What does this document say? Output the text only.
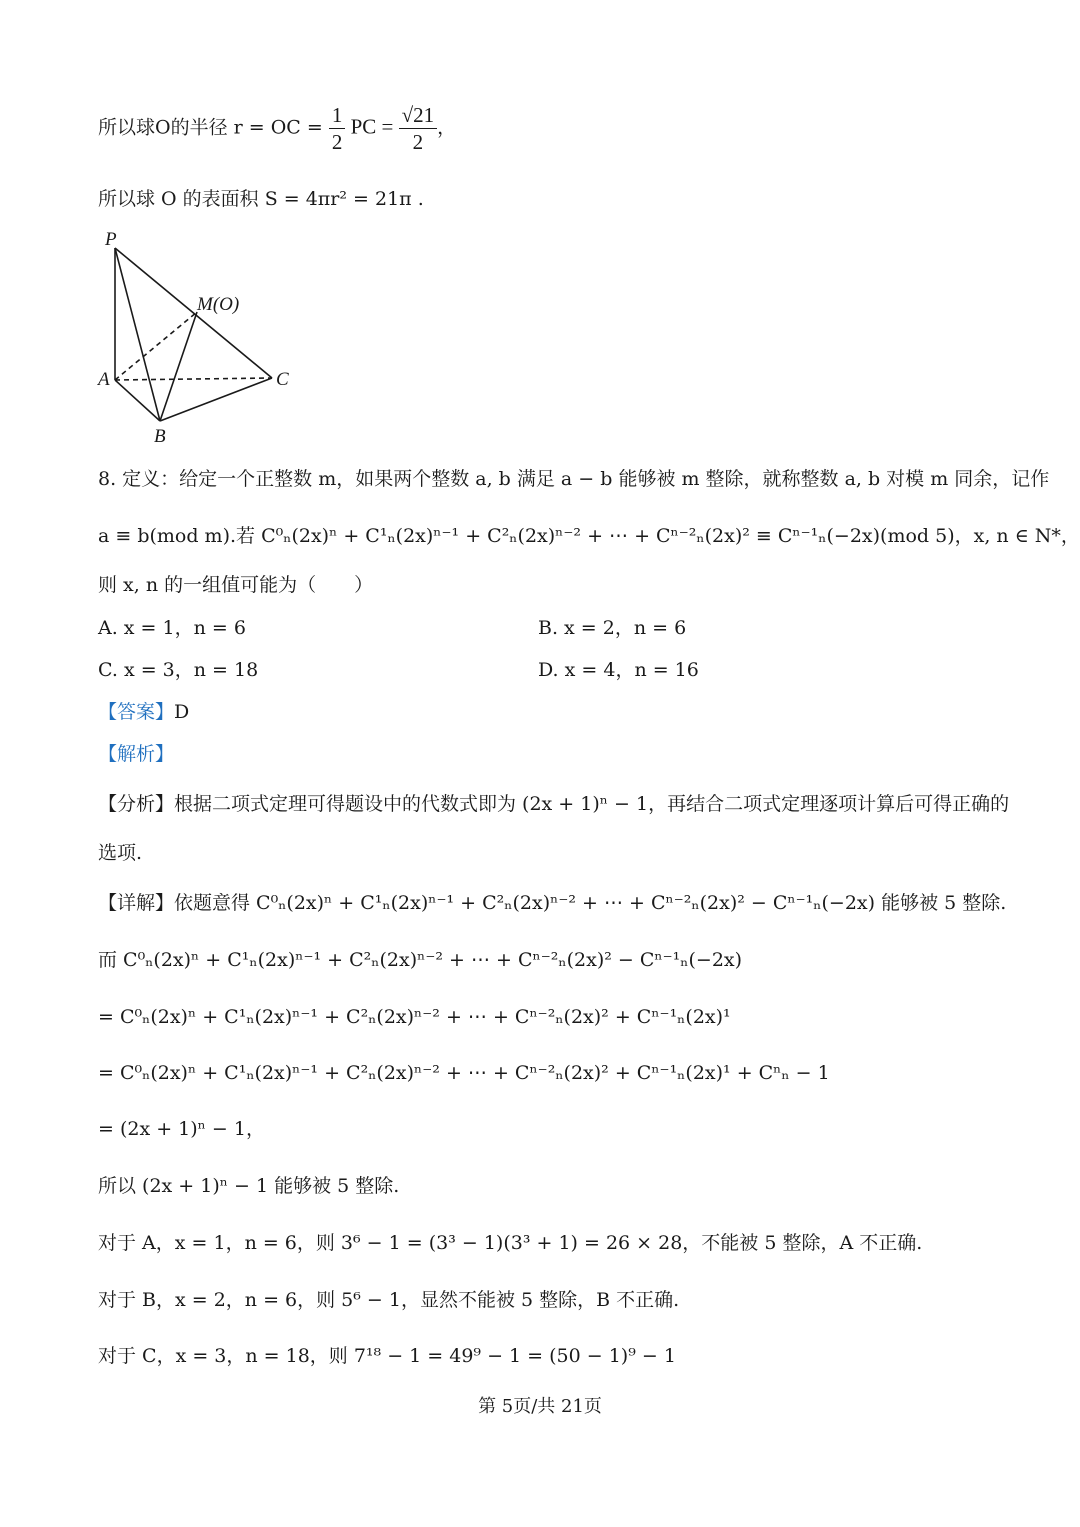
所以球O的半径 r = OC = $\frac{1}{2}$ PC = $\frac{√21}{2}$ ，
所以球 O 的表面积 S = 4πr² = 21π .
P
M(O)
A
B
C
8. 定义：给定一个正整数 m，如果两个整数 a, b 满足 a − b 能够被 m 整除，就称整数 a, b 对模 m 同余，记作
a ≡ b(mod m).若 C⁰ₙ(2x)ⁿ + C¹ₙ(2x)ⁿ⁻¹ + C²ₙ(2x)ⁿ⁻² + ⋯ + Cⁿ⁻²ₙ(2x)² ≡ Cⁿ⁻¹ₙ(−2x)(mod 5)，x, n ∈ N*，
则 x, n 的一组值可能为（　　）
A. x = 1，n = 6	B. x = 2，n = 6
C. x = 3，n = 18	D. x = 4，n = 16
【答案】D
【解析】
【分析】根据二项式定理可得题设中的代数式即为 (2x + 1)ⁿ − 1，再结合二项式定理逐项计算后可得正确的
选项.
【详解】依题意得 C⁰ₙ(2x)ⁿ + C¹ₙ(2x)ⁿ⁻¹ + C²ₙ(2x)ⁿ⁻² + ⋯ + Cⁿ⁻²ₙ(2x)² − Cⁿ⁻¹ₙ(−2x) 能够被 5 整除.
而 C⁰ₙ(2x)ⁿ + C¹ₙ(2x)ⁿ⁻¹ + C²ₙ(2x)ⁿ⁻² + ⋯ + Cⁿ⁻²ₙ(2x)² − Cⁿ⁻¹ₙ(−2x)
= C⁰ₙ(2x)ⁿ + C¹ₙ(2x)ⁿ⁻¹ + C²ₙ(2x)ⁿ⁻² + ⋯ + Cⁿ⁻²ₙ(2x)² + Cⁿ⁻¹ₙ(2x)¹
= C⁰ₙ(2x)ⁿ + C¹ₙ(2x)ⁿ⁻¹ + C²ₙ(2x)ⁿ⁻² + ⋯ + Cⁿ⁻²ₙ(2x)² + Cⁿ⁻¹ₙ(2x)¹ + Cⁿₙ − 1
= (2x + 1)ⁿ − 1，
所以 (2x + 1)ⁿ − 1 能够被 5 整除.
对于 A，x = 1，n = 6，则 3⁶ − 1 = (3³ − 1)(3³ + 1) = 26 × 28，不能被 5 整除，A 不正确.
对于 B，x = 2，n = 6，则 5⁶ − 1，显然不能被 5 整除，B 不正确.
对于 C，x = 3，n = 18，则 7¹⁸ − 1 = 49⁹ − 1 = (50 − 1)⁹ − 1
第 5页/共 21页
